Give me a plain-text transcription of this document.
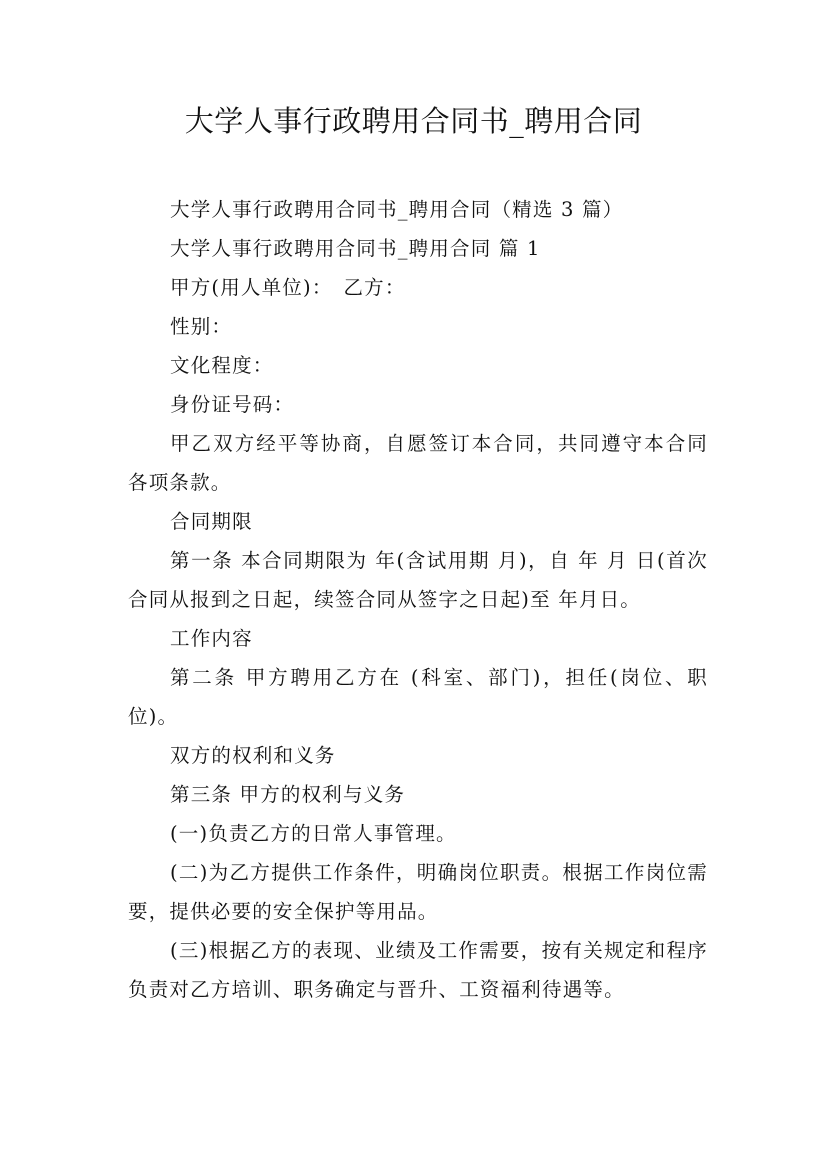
大学人事行政聘用合同书_聘用合同

大学人事行政聘用合同书_聘用合同（精选 3 篇）

大学人事行政聘用合同书_聘用合同 篇 1

甲方(用人单位)：　乙方：

性别：

文化程度：

身份证号码：

甲乙双方经平等协商，自愿签订本合同，共同遵守本合同各项条款。

合同期限

第一条 本合同期限为 年(含试用期 月)，自 年 月 日(首次合同从报到之日起，续签合同从签字之日起)至 年月日。

工作内容

第二条 甲方聘用乙方在 (科室、部门)，担任(岗位、职位)。

双方的权利和义务

第三条 甲方的权利与义务

(一)负责乙方的日常人事管理。

(二)为乙方提供工作条件，明确岗位职责。根据工作岗位需要，提供必要的安全保护等用品。

(三)根据乙方的表现、业绩及工作需要，按有关规定和程序负责对乙方培训、职务确定与晋升、工资福利待遇等。
